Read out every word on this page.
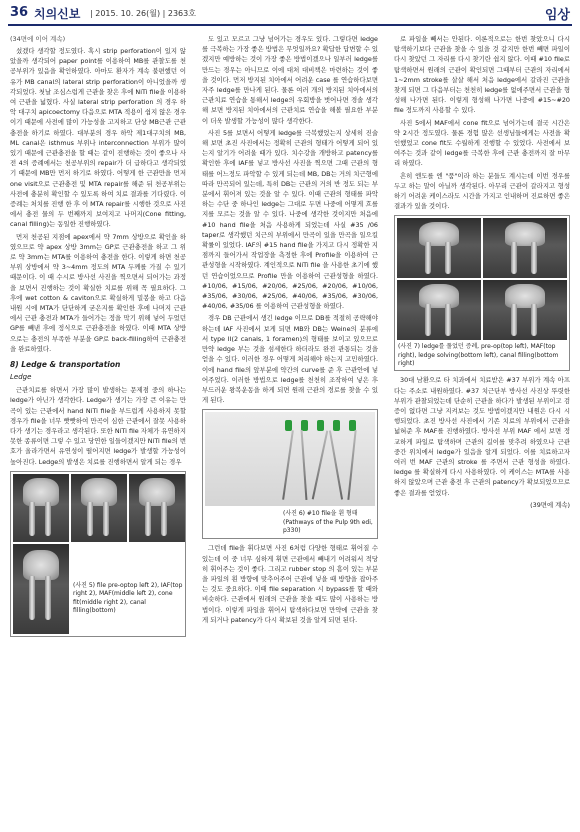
36 치의신보 | 2015. 10. 26(월) | 2363호	임상
(34면에 이어 계속)

섰겠다 생각할 정도였다. 혹시 strip perforation이 있지 않았을까 생각되어 paper point를 이용하여 MB를 관찰도를 천공부위가 있음을 확인하였다. 아마도 환자가 계속 불편했던 이유가 MB canal의 lateral strip perforation이 아니었을까 생각되었다. 첫날 조심스럽게 근관을 찾은 후에 NiTi file을 이용하여 근관을 넓혔다. 사실 lateral strip perforation 의 경우 하악 대구치 apicoectomy 다음으로 MTA 적용이 쉽지 않은 경우이기 때문에 사전에 많이 가능성을 고지하고 단상 MB근관 근관 충전을 하기로 하였다. 대부분의 경우 하악 제1대구치의 MB, ML canal은 isthmus 부위나 interconnection 부위가 많이 있기 때문에 근관충전을 할 때는 같이 진행하는 것이 좋으나 사전 4의 증례에서는 천공부위의 repair가 더 급하다고 생각되었기 때문에 MB만 먼저 하기로 하였다. 어떻게 한 근관만을 먼저 one visit으로 근관충전 및 MTA repair를 해준 뒤 천공부위는 사전에 충분히 확인할 수 있도록 하여 치료 결과를 기다렸다. 이 증례는 처치를 진행 한 후 이 MTA repair를 시행한 것으로 사진에서 충전 물의 두 번째까지 보여지고 나머지(Cone fitting, canal filling)는 동일한 진행하였다.

먼저 천공된 지점에 apex에서 약 7mm 상방으로 확인을 하였으므로 약 apex 상방 3mm는 GP로 근관충전을 하고 그 위로 약 3mm는 MTA를 이용하여 충전을 한다. 이렇게 하면 천공 부위 상방에서 약 3~4mm 정도의 MTA 두께를 가질 수 있기 때문이다. 이 때 수시로 방사선 사진을 찍으면서 되어가는 과정을 보면서 진행하는 것이 확실한 치료를 위해 꼭 필요하다. 그 후에 wet cotton & caviton으로 확실하게 밀봉을 하고 다음 내원 시에 MTA가 단단하게 굳은지를 확인한 후에 나머지 근관에서 근관 충전과 MTA가 들어가는 정을 막기 위해 넣어 두었던 GP를 빼낸 후에 정식으로 근관충전을 하였다. 이때 MTA 상방으로는 충전의 부족한 부분을 GP로 back-filling하여 근관충전을 완료하였다.

8) Ledge & transportation
Ledge

근관치료를 하면서 가장 많이 발생하는 문제점 중의 하나는 ledge가 아닌가 생각한다. Ledge가 생기는 가장 큰 이유는 만곡이 있는 근관에서 hand NiTi file을 부드럽게 사용하지 못할 경우가 file을 너무 빳빳하여 만곡이 심한 근관에서 잘못 사용하다가 생기는 경우라고 생각된다. 또한 NiTi file 자체가 유연하지 못한 종류이면 그렇 수 있고 당연한 일들이겠지만 NiTi file의 번호가 올라가면서 유연성이 떨어지면 ledge가 발생할 가능성이 높아진다. Ledge의 발생은 치료를 진행하면서 알게 되는 경우

(사진 5) file pre-optop left 2), IAF(top right 2), MAF(middle left 2), cone fit(middle right 2), canal filling(bottom)

도 있고 모르고 그냥 넘어가는 경우도 있다. 그렇다면 ledge를 극복하는 가장 좋은 방법은 무엇일까요? 확답한 답변할 수 있겠지만 예방하는 것이 가장 좋은 방법이겠으나 일부러 ledge를 만드는 경우는 아니므로 이에 대처 대비책은 마련하는 것이 좋을 것이다. 먼저 방지된 치아에서 어려운 case 를 연습하다보면 자주 ledge를 만나게 된다. 물론 여러 개의 방지된 치아에서의 근관치료 연습을 통해서 ledge의 우회방을 벗어나면 경솔 생각해 보면 방지된 치아에서의 근관치료 연습을 해볼 필요한 부분이 더욱 발생할 가능성이 많다 생각한다.

사진 5를 보면서 어떻게 ledge를 극복했었는지 상세히 진술해 보면 초진 사진에서는 정확히 근관의 형태가 어떻게 되어 있는지 알기가 어려울 때가 있다. 치수강을 개방하고 patency를 확인한 후에 IAF를 넣고 방사선 사진을 찍으면 그때 근관의 형태를 어느정도 파악할 수 있게 되는데 MB, DB는 거의 치근형에 따라 만곡되어 있는데, 특히 DB는 근관의 거의 반 정도 되는 부분에서 휘어져 있는 것을 알 수 있다. 이때 근관의 형태를 파악하는 수단 중 하나인 ledge는 그대로 두면 나중에 어떻게 흐를지를 모르는 것을 알 수 있다. 나중에 생각한 것이지만 처음에 #10 hand file을 처음 사용하게 되었는데 사실 #35 /06 taper로 생각했던 치근의 부위에서 만곡이 있을 만곡을 일으킬 확률이 있었다. IAF의 #15 hand file을 가지고 다시 정확한 지점까지 들어가서 작업장을 측정한 후에 Profile을 이용하여 근관성형을 시작하였다. 계인적으로 NiTi file 을 사용한 초기에 했던 연습이었으므로 Profile 만을 이용하여 근관성형을 하였다. #10/06, #15/06, #20/06, #25/06, #20/06, #10/06, #35/06, #30/06, #25/06, #40/06, #35/06, #30/06, #40/06, #35/06 를 이용하여 근관성형을 하였다.

경우 DB 근관에서 생긴 ledge 이므로 DB를 적절히 공략해야 하는데 IAF 사진에서 보게 되면 MB와 DB는 Weine의 분류에서 type II(2 canals, 1 foramen)의 형태를 보이고 있으므로 만약 ledge 부는 것을 섬세한다 하더라도 완전 관통되는 것을 얻을 수 있다. 이러한 경우 어떻게 처리해야 하는지 고민하였다. 이에 hand file의 앞부분에 약간의 curve를 준 후 근관안에 넣어주었다. 이러한 방법으로 ledge를 천천히 조작하여 넣은 후 부드러운 왕복운동을 하게 되면 원래 근관의 경로를 찾을 수 있게 된다.

(사진 6) #10 file을 휜 형태 (Pathways of the Pulp 9th edi, p330)

그런데 file을 휘다보면 사진 6처럼 다양한 형태로 휘어질 수 있는데 이 중 너무 심하게 휘면 근관에서 빼내기 어려워서 적당히 휘어주는 것이 좋다. 그리고 rubber stop 의 흠이 있는 부분을 파일의 휜 방향에 맞추어주어 근관에 넣을 때 방향을 잡아주는 것도 중요하다. 이때 file separation 시 bypass를 할 때와 비슷하다. 근관에서 원래의 근관을 찾을 때도 많이 사용하는 방법이다. 이렇게 파일을 휘어서 탐색하다보면 만약에 근관을 찾게 되거나 patency가 다시 확보된 것을 알게 되면 된다.

로 파일을 빼서는 안된다. 이론적으로는 한번 찾았으니 다시 탐색하기보다 근관을 찾을 수 있을 것 같지만 한번 빼면 파일이 다시 찾았던 그 자리를 다시 찾기란 쉽지 않다. 이때 #10 file로 탐색하면서 원래의 근관이 확인되면 그때부터 근관의 자리에서 1~2mm stroke를 살살 해서 처음 ledge에서 갈라진 근관을 찾게 되면 그 다음부터는 천천히 ledge를 없애주면서 근관을 형성해 나가면 된다. 이렇게 형성해 나가면 나중에 #15~#20 file 정도까지 사용할 수 있다.

사진 5에서 MAF에서 cone fit으로 넘어가는데 결국 시간은 약 2시간 정도였다. 물론 경험 많은 선생님들에게는 사전을 확인했었고 cone fit도 수월하게 진행할 수 있었다. 사전에서 보여주는 것과 같이 ledge를 극복한 후에 근관 충전까지 잘 마무리 하였다.

흔히 엔도를 엔 "품"이라 하는 분들도 계시는데 이번 경우를 두고 하는 말이 아닐까 생각된다. 아무리 근관이 갈라지고 형성하기 어려운 케이스라도 시간을 가지고 인내하며 진료하면 좋은 결과가 있을 것이다.

(사진 7) ledge를 풀었던 증례, pre-op(top left), MAF(top right), ledge solving(bottom left), canal filling(bottom right)

30대 남환으로 타 치과에서 치료받은 #37 부위가 계속 아프다는 주소로 내원하였다. #37 치근단부 방사선 사진상 뚜렷한 부위가 관찰되었는데 단순히 근관을 하다가 발생된 부위이고 검증이 없다면 그냥 지켜보는 것도 방법이겠지만 내원은 다시 시행되었다. 초진 방사선 사진에서 기존 치료의 부위에서 근관을 넓혀준 후 MAF를 진행하였다. 방사선 부위 MAF 에서 보면 정교하게 파일로 탐색하며 근관의 길이를 맞추려 하였으나 근관 중간 위치에서 ledge가 있음을 알게 되었다. 이를 치료하고자 여러 번 MAF 근관의 stroke 를 주면서 근관 형성을 하였다. ledge 를 확실하게 다시 사용하였다. 이 케이스는 MTA를 사용하지 않았으며 근관 충전 후 근관의 patency가 확보되었으므로 좋은 결과를 얻었다.

(39면에 계속)
